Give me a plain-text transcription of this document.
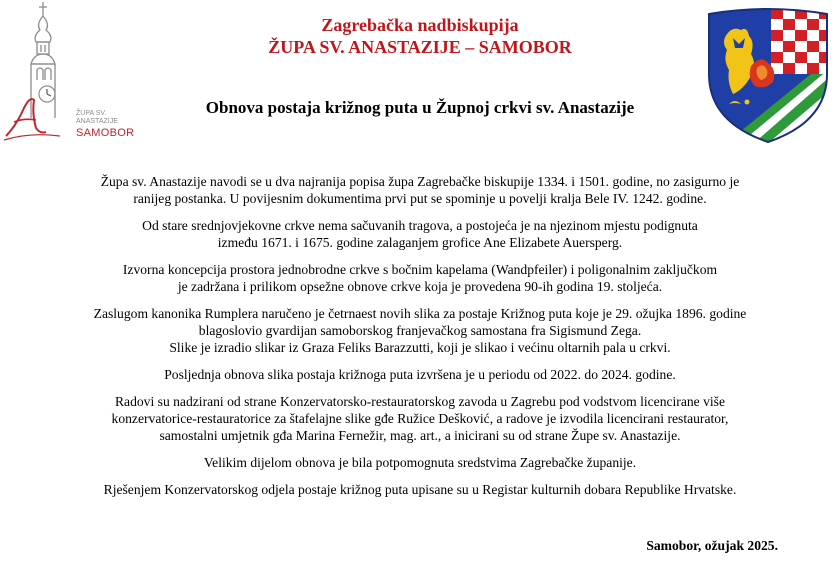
ŽUPA SV.
ANASTAZIJE
SAMOBOR
Zagrebačka nadbiskupija
ŽUPA SV. ANASTAZIJE – SAMOBOR
Obnova postaja križnog puta u Župnoj crkvi sv. Anastazije

Župa sv. Anastazije navodi se u dva najranija popisa župa Zagrebačke biskupije 1334. i 1501. godine, no zasigurno je
ranijeg postanka. U povijesnim dokumentima prvi put se spominje u povelji kralja Bele IV. 1242. godine.

Od stare srednjovjekovne crkve nema sačuvanih tragova, a postojeća je na njezinom mjestu podignuta
između 1671. i 1675. godine zalaganjem grofice Ane Elizabete Auersperg.

Izvorna koncepcija prostora jednobrodne crkve s bočnim kapelama (Wandpfeiler) i poligonalnim zaključkom
je zadržana i prilikom opsežne obnove crkve koja je provedena 90-ih godina 19. stoljeća.

Zaslugom kanonika Rumplera naručeno je četrnaest novih slika za postaje Križnog puta koje je 29. ožujka 1896. godine
blagoslovio gvardijan samoborskog franjevačkog samostana fra Sigismund Zega.
Slike je izradio slikar iz Graza Feliks Barazzutti, koji je slikao i većinu oltarnih pala u crkvi.

Posljednja obnova slika postaja križnoga puta izvršena je u periodu od 2022. do 2024. godine.

Radovi su nadzirani od strane Konzervatorsko-restauratorskog zavoda u Zagrebu pod vodstvom licencirane više
konzervatorice-restauratorice za štafelajne slike gđe Ružice Dešković, a radove je izvodila licencirani restaurator,
samostalni umjetnik gđa Marina Fernežir, mag. art., a inicirani su od strane Župe sv. Anastazije.

Velikim dijelom obnova je bila potpomognuta sredstvima Zagrebačke županije.

Rješenjem Konzervatorskog odjela postaje križnog puta upisane su u Registar kulturnih dobara Republike Hrvatske.

Samobor, ožujak 2025.
